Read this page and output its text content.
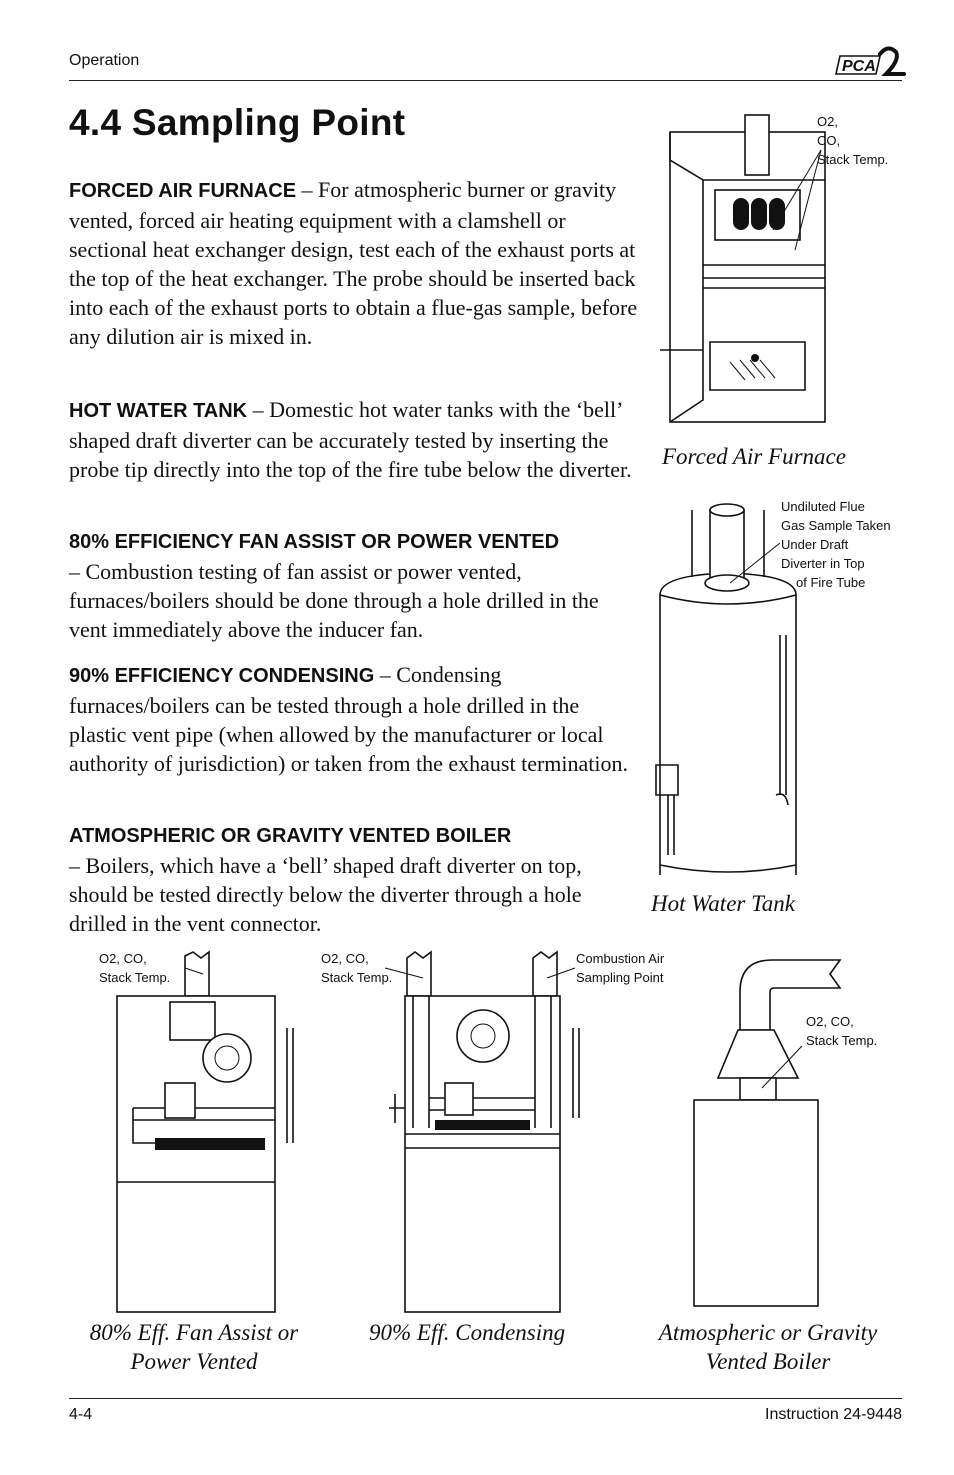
Operation	PCA
4.4 Sampling Point

FORCED AIR FURNACE – For atmospheric burner or gravity vented, forced air heating equipment with a clamshell or sectional heat exchanger design, test each of the exhaust ports at the top of the heat exchanger. The probe should be inserted back into each of the exhaust ports to obtain a flue-gas sample, before any dilution air is mixed in.

HOT WATER TANK – Domestic hot water tanks with the ‘bell’ shaped draft diverter can be accurately tested by inserting the probe tip directly into the top of the fire tube below the diverter.

80% EFFICIENCY FAN ASSIST OR POWER VENTED
– Combustion testing of fan assist or power vented, furnaces/boilers should be done through a hole drilled in the vent immediately above the inducer fan.

90% EFFICIENCY CONDENSING – Condensing furnaces/boilers can be tested through a hole drilled in the plastic vent pipe (when allowed by the manufacturer or local authority of jurisdiction) or taken from the exhaust termination.

ATMOSPHERIC OR GRAVITY VENTED BOILER
– Boilers, which have a ‘bell’ shaped draft diverter on top, should be tested directly below the diverter through a hole drilled in the vent connector.

O2,
CO,
Stack Temp.
Forced Air Furnace
Undiluted Flue
Gas Sample Taken
Under Draft
Diverter in Top
of Fire Tube
Hot Water Tank
O2, CO,
Stack Temp.
80% Eff. Fan Assist or
Power Vented
O2, CO,
Stack Temp.
Combustion Air
Sampling Point
90% Eff. Condensing
O2, CO,
Stack Temp.
Atmospheric or Gravity
Vented Boiler
4-4	Instruction 24-9448
